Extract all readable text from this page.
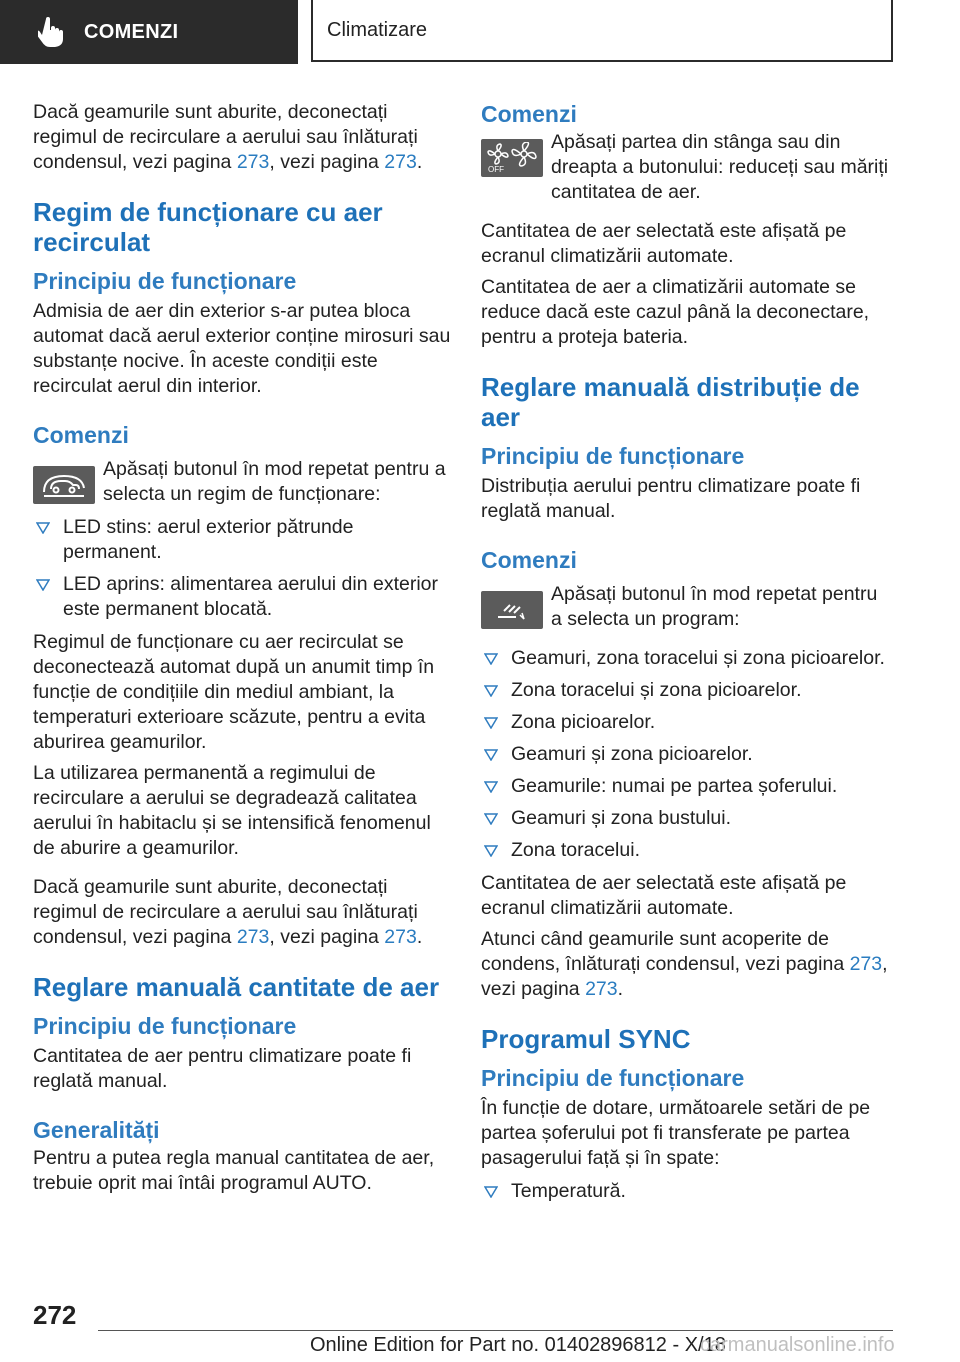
COMENZI	Climatizare

Dacă geamurile sunt aburite, deconectați regimul de recirculare a aerului sau înlăturați condensul, vezi pagina 273, vezi pagina 273.

Regim de funcționare cu aer recirculat
Principiu de funcționare

Admisia de aer din exterior s-ar putea bloca automat dacă aerul exterior conține mirosuri sau substanțe nocive. În aceste condiții este recirculat aerul din interior.

Comenzi

Apăsați butonul în mod repetat pentru a selecta un regim de funcționare:

LED stins: aerul exterior pătrunde permanent.
LED aprins: alimentarea aerului din exterior este permanent blocată.

Regimul de funcționare cu aer recirculat se deconectează automat după un anumit timp în funcție de condițiile din mediul ambiant, la temperaturi exterioare scăzute, pentru a evita aburirea geamurilor.

La utilizarea permanentă a regimului de recirculare a aerului se degradează calitatea aerului în habitaclu și se intensifică fenomenul de aburire a geamurilor.

Dacă geamurile sunt aburite, deconectați regimul de recirculare a aerului sau înlăturați condensul, vezi pagina 273, vezi pagina 273.

Reglare manuală cantitate de aer
Principiu de funcționare

Cantitatea de aer pentru climatizare poate fi reglată manual.

Generalități

Pentru a putea regla manual cantitatea de aer, trebuie oprit mai întâi programul AUTO.

Comenzi
OFF

Apăsați partea din stânga sau din dreapta a butonului: reduceți sau măriți cantitatea de aer.

Cantitatea de aer selectată este afișată pe ecranul climatizării automate.

Cantitatea de aer a climatizării automate se reduce dacă este cazul până la deconectare, pentru a proteja bateria.

Reglare manuală distribuție de aer
Principiu de funcționare

Distribuția aerului pentru climatizare poate fi reglată manual.

Comenzi

Apăsați butonul în mod repetat pentru a selecta un program:

Geamuri, zona toracelui și zona picioarelor.
Zona toracelui și zona picioarelor.
Zona picioarelor.
Geamuri și zona picioarelor.
Geamurile: numai pe partea șoferului.
Geamuri și zona bustului.
Zona toracelui.

Cantitatea de aer selectată este afișată pe ecranul climatizării automate.

Atunci când geamurile sunt acoperite de condens, înlăturați condensul, vezi pagina 273, vezi pagina 273.

Programul SYNC
Principiu de funcționare

În funcție de dotare, următoarele setări de pe partea șoferului pot fi transferate pe partea pasagerului față și în spate:

Temperatură.
272
Online Edition for Part no. 01402896812 - X/18
carmanualsonline.info
